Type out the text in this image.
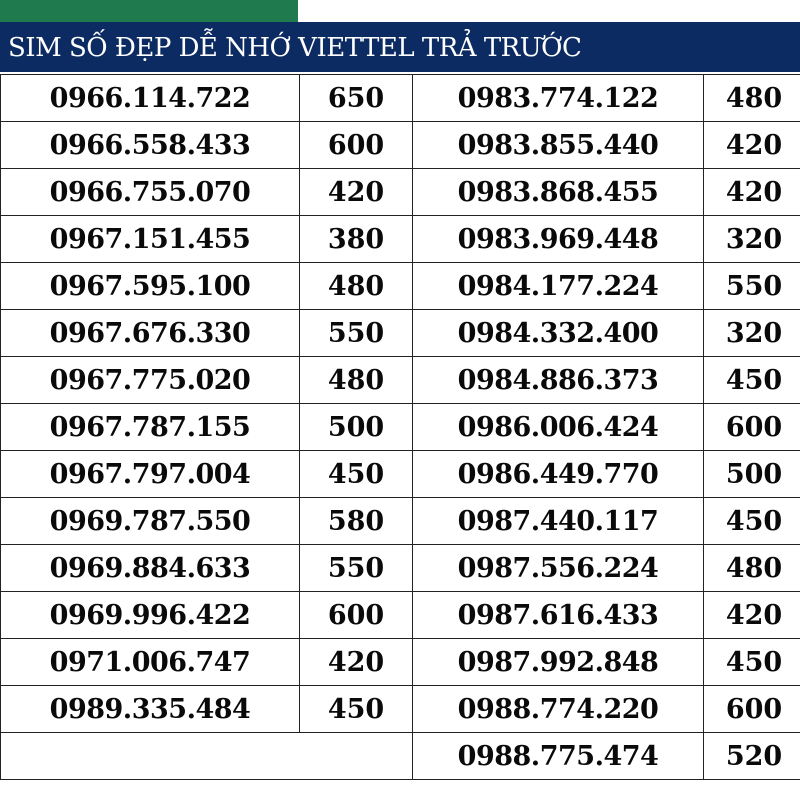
SIM SỐ ĐẸP DỄ NHỚ VIETTEL TRẢ TRƯỚC
0966.114.722	650	0983.774.122	480
0966.558.433	600	0983.855.440	420
0966.755.070	420	0983.868.455	420
0967.151.455	380	0983.969.448	320
0967.595.100	480	0984.177.224	550
0967.676.330	550	0984.332.400	320
0967.775.020	480	0984.886.373	450
0967.787.155	500	0986.006.424	600
0967.797.004	450	0986.449.770	500
0969.787.550	580	0987.440.117	450
0969.884.633	550	0987.556.224	480
0969.996.422	600	0987.616.433	420
0971.006.747	420	0987.992.848	450
0989.335.484	450	0988.774.220	600
		0988.775.474	520
